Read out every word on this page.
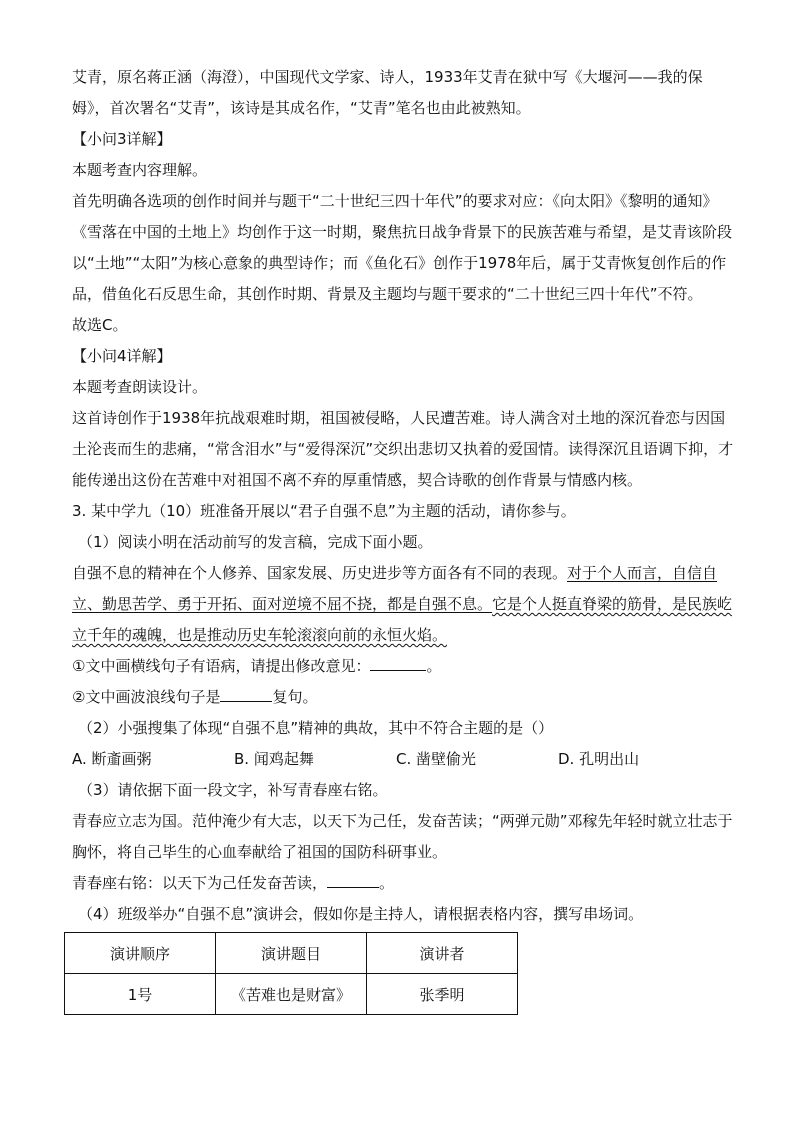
艾青，原名蒋正涵（海澄），中国现代文学家、诗人，1933年艾青在狱中写《大堰河——我的保姆》，首次署名“艾青”，该诗是其成名作，“艾青”笔名也由此被熟知。

【小问3详解】

本题考查内容理解。

首先明确各选项的创作时间并与题干“二十世纪三四十年代”的要求对应：《向太阳》《黎明的通知》《雪落在中国的土地上》均创作于这一时期，聚焦抗日战争背景下的民族苦难与希望，是艾青该阶段以“土地”“太阳”为核心意象的典型诗作；而《鱼化石》创作于1978年后，属于艾青恢复创作后的作品，借鱼化石反思生命，其创作时期、背景及主题均与题干要求的“二十世纪三四十年代”不符。

故选C。

【小问4详解】

本题考查朗读设计。

这首诗创作于1938年抗战艰难时期，祖国被侵略，人民遭苦难。诗人满含对土地的深沉眷恋与因国土沦丧而生的悲痛，“常含泪水”与“爱得深沉”交织出悲切又执着的爱国情。读得深沉且语调下抑，才能传递出这份在苦难中对祖国不离不弃的厚重情感，契合诗歌的创作背景与情感内核。

3. 某中学九（10）班准备开展以“君子自强不息”为主题的活动，请你参与。

（1）阅读小明在活动前写的发言稿，完成下面小题。

自强不息的精神在个人修养、国家发展、历史进步等方面各有不同的表现。对于个人而言，自信自立、勤思苦学、勇于开拓、面对逆境不屈不挠，都是自强不息。它是个人挺直脊梁的筋骨，是民族屹立千年的魂魄，也是推动历史车轮滚滚向前的永恒火焰。

①文中画横线句子有语病，请提出修改意见：	。

②文中画波浪线句子是	复句。

（2）小强搜集了体现“自强不息”精神的典故，其中不符合主题的是（）

A. 断齑画粥	B. 闻鸡起舞	C. 凿壁偷光	D. 孔明出山

（3）请依据下面一段文字，补写青春座右铭。

青春应立志为国。范仲淹少有大志，以天下为己任，发奋苦读；“两弹元勋”邓稼先年轻时就立壮志于胸怀，将自己毕生的心血奉献给了祖国的国防科研事业。

青春座右铭：以天下为己任发奋苦读，	。

（4）班级举办“自强不息”演讲会，假如你是主持人，请根据表格内容，撰写串场词。

演讲顺序	演讲题目	演讲者
1号	《苦难也是财富》	张季明
